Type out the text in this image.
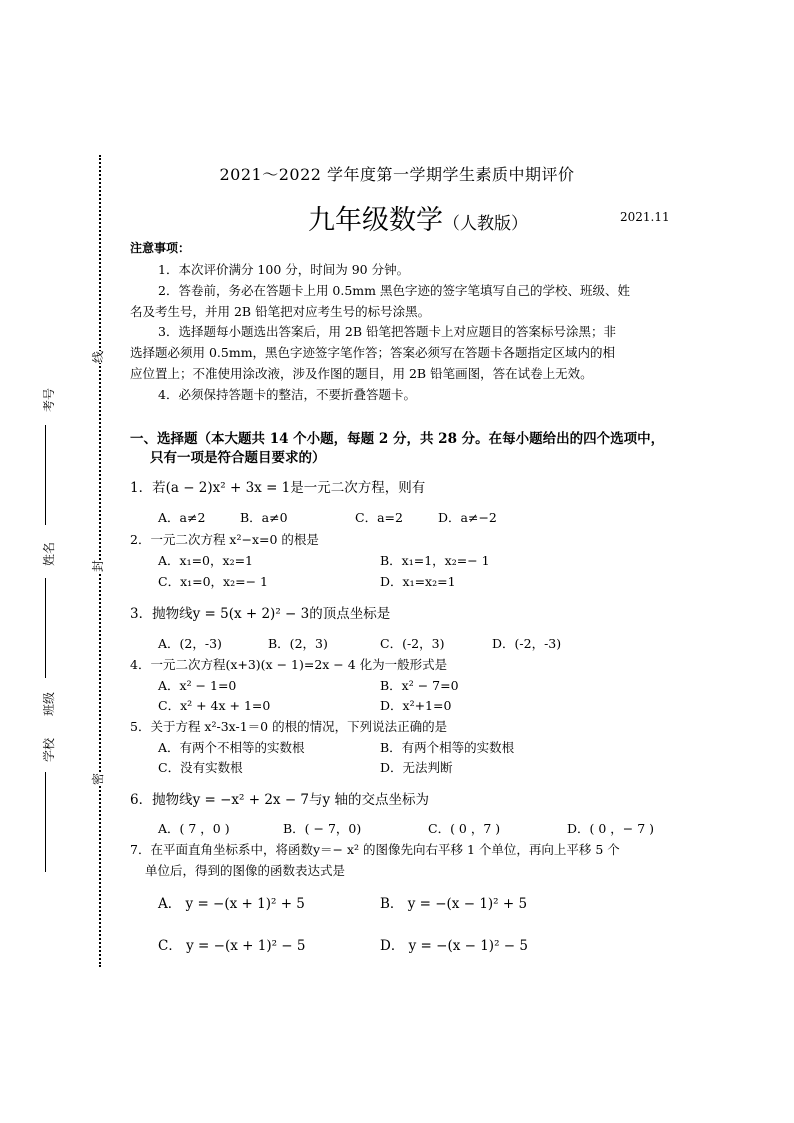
线
封
密
考号
姓名
班级
学校
2021～2022 学年度第一学期学生素质中期评价
九年级数学（人教版）	2021.11
注意事项：
1．本次评价满分 100 分，时间为 90 分钟。
2．答卷前，务必在答题卡上用 0.5mm 黑色字迹的签字笔填写自己的学校、班级、姓
名及考生号，并用 2B 铅笔把对应考生号的标号涂黑。
3．选择题每小题选出答案后，用 2B 铅笔把答题卡上对应题目的答案标号涂黑；非
选择题必须用 0.5mm，黑色字迹签字笔作答；答案必须写在答题卡各题指定区域内的相
应位置上；不准使用涂改液，涉及作图的题目，用 2B 铅笔画图，答在试卷上无效。
4．必须保持答题卡的整洁，不要折叠答题卡。
一、选择题（本大题共 14 个小题，每题 2 分，共 28 分。在每小题给出的四个选项中，
只有一项是符合题目要求的）
1．若(a − 2)x² + 3x = 1是一元二次方程，则有
A．a≠2	B．a≠0	C．a=2	D．a≠−2
2．一元二次方程 x²−x=0 的根是
A．x₁=0，x₂=1	B．x₁=1，x₂=− 1
C．x₁=0，x₂=− 1	D．x₁=x₂=1
3．抛物线y = 5(x + 2)² − 3的顶点坐标是
A．(2，-3)	B．(2，3)	C．(-2，3)	D．(-2，-3)
4．一元二次方程(x+3)(x − 1)=2x − 4 化为一般形式是
A．x² − 1=0	B．x² − 7=0
C．x² + 4x + 1=0	D．x²+1=0
5．关于方程 x²-3x-1＝0 的根的情况，下列说法正确的是
A．有两个不相等的实数根	B．有两个相等的实数根
C．没有实数根	D．无法判断
6．抛物线y = −x² + 2x − 7与y 轴的交点坐标为
A．( 7 ，0 )	B．( − 7，0)	C．( 0 ，7 )	D．( 0 ，− 7 )
7．在平面直角坐标系中，将函数y＝− x² 的图像先向右平移 1 个单位，再向上平移 5 个
单位后，得到的图像的函数表达式是
A． y = −(x + 1)² + 5	B． y = −(x − 1)² + 5
C． y = −(x + 1)² − 5	D． y = −(x − 1)² − 5
